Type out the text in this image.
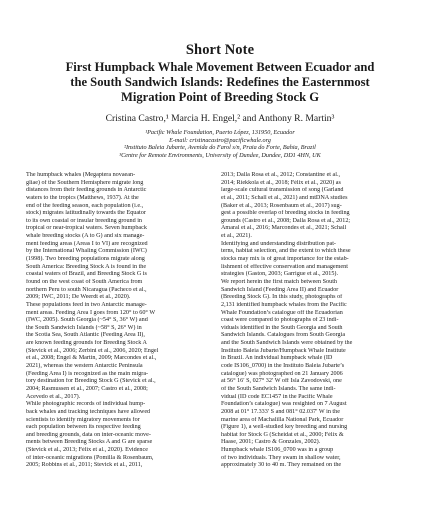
Short Note
First Humpback Whale Movement Between Ecuador and
the South Sandwich Islands: Redefines the Easternmost
Migration Point of Breeding Stock G
Cristina Castro,¹ Marcia H. Engel,² and Anthony R. Martin³
¹Pacific Whale Foundation, Puerto López, 131950, Ecuador
E-mail: cristinacastro@pacificwhale.org
²Instituto Baleia Jubarte, Avenida do Farol s/n, Praia do Forte, Bahia, Brazil
³Centre for Remote Environments, University of Dundee, Dundee, DD1 4HN, UK
The humpback whales (Megaptera novaean-
gliae) of the Southern Hemisphere migrate long
distances from their feeding grounds in Antarctic
waters to the tropics (Matthews, 1937). At the
end of the feeding season, each population (i.e.,
stock) migrates latitudinally towards the Equator
to its own coastal or insular breeding ground in
tropical or near-tropical waters. Seven humpback
whale breeding stocks (A to G) and six manage-
ment feeding areas (Areas I to VI) are recognized
by the International Whaling Commission (IWC)
(1998). Two breeding populations migrate along
South America: Breeding Stock A is found in the
coastal waters of Brazil, and Breeding Stock G is
found on the west coast of South America from
northern Peru to south Nicaragua (Pacheco et al.,
2009; IWC, 2011; De Weerdt et al., 2020).
These populations feed in two Antarctic manage-
ment areas. Feeding Area I goes from 120° to 60° W
(IWC, 2005). South Georgia (~54° S, 36° W) and
the South Sandwich Islands (~58° S, 26° W) in
the Scotia Sea, South Atlantic (Feeding Area II),
are known feeding grounds for Breeding Stock A
(Stevick et al., 2006; Zerbini et al., 2006, 2020; Engel
et al., 2008; Engel & Martin, 2009; Marcondes et al.,
2021), whereas the western Antarctic Peninsula
(Feeding Area I) is recognized as the main migra-
tory destination for Breeding Stock G (Stevick et al.,
2004; Rasmussen et al., 2007; Castro et al., 2008;
Acevedo et al., 2017).
While photographic records of individual hump-
back whales and tracking techniques have allowed
scientists to identify migratory movements for
each population between its respective feeding
and breeding grounds, data on inter-oceanic move-
ments between Breeding Stocks A and G are sparse
(Stevick et al., 2013; Félix et al., 2020). Evidence
of inter-oceanic migrations (Pomilla & Rosenbaum,
2005; Robbins et al., 2011; Stevick et al., 2011,
2013; Dalla Rosa et al., 2012; Constantine et al.,
2014; Riekkola et al., 2018; Félix et al., 2020) as
large-scale cultural transmission of song (Garland
et al., 2011; Schall et al., 2021) and mtDNA studies
(Baker et al., 2013; Rosenbaum et al., 2017) sug-
gest a possible overlap of breeding stocks in feeding
grounds (Castro et al., 2008; Dalla Rosa et al., 2012;
Amaral et al., 2016; Marcondes et al., 2021; Schall
et al., 2021).
Identifying and understanding distribution pat-
terns, habitat selection, and the extent to which these
stocks may mix is of great importance for the estab-
lishment of effective conservation and management
strategies (Gaston, 2003; Garrigue et al., 2015).
We report herein the first match between South
Sandwich Island (Feeding Area II) and Ecuador
(Breeding Stock G). In this study, photographs of
2,131 identified humpback whales from the Pacific
Whale Foundation’s catalogue off the Ecuadorian
coast were compared to photographs of 23 indi-
viduals identified in the South Georgia and South
Sandwich Islands. Catalogues from South Georgia
and the South Sandwich Islands were obtained by the
Instituto Baleia Jubarte/Humpback Whale Institute
in Brazil. An individual humpback whale (ID
code IS106_0700) in the Instituto Baleia Jubarte’s
catalogue) was photographed on 21 January 2006
at 56° 16′ S, 027° 32′ W off Isla Zavodovski, one
of the South Sandwich Islands. The same indi-
vidual (ID code EC1457 in the Pacific Whale
Foundation’s catalogue) was resighted on 7 August
2008 at 01° 17.333′ S and 081° 02.037′ W in the
marine area of Machalilla National Park, Ecuador
(Figure 1), a well-studied key breeding and nursing
habitat for Stock G (Scheidat et al., 2000; Félix &
Haase, 2001; Castro & Gonzales, 2002).
Humpback whale IS106_0700 was in a group
of two individuals. They swam in shallow water,
approximately 30 to 40 m. They remained on the
